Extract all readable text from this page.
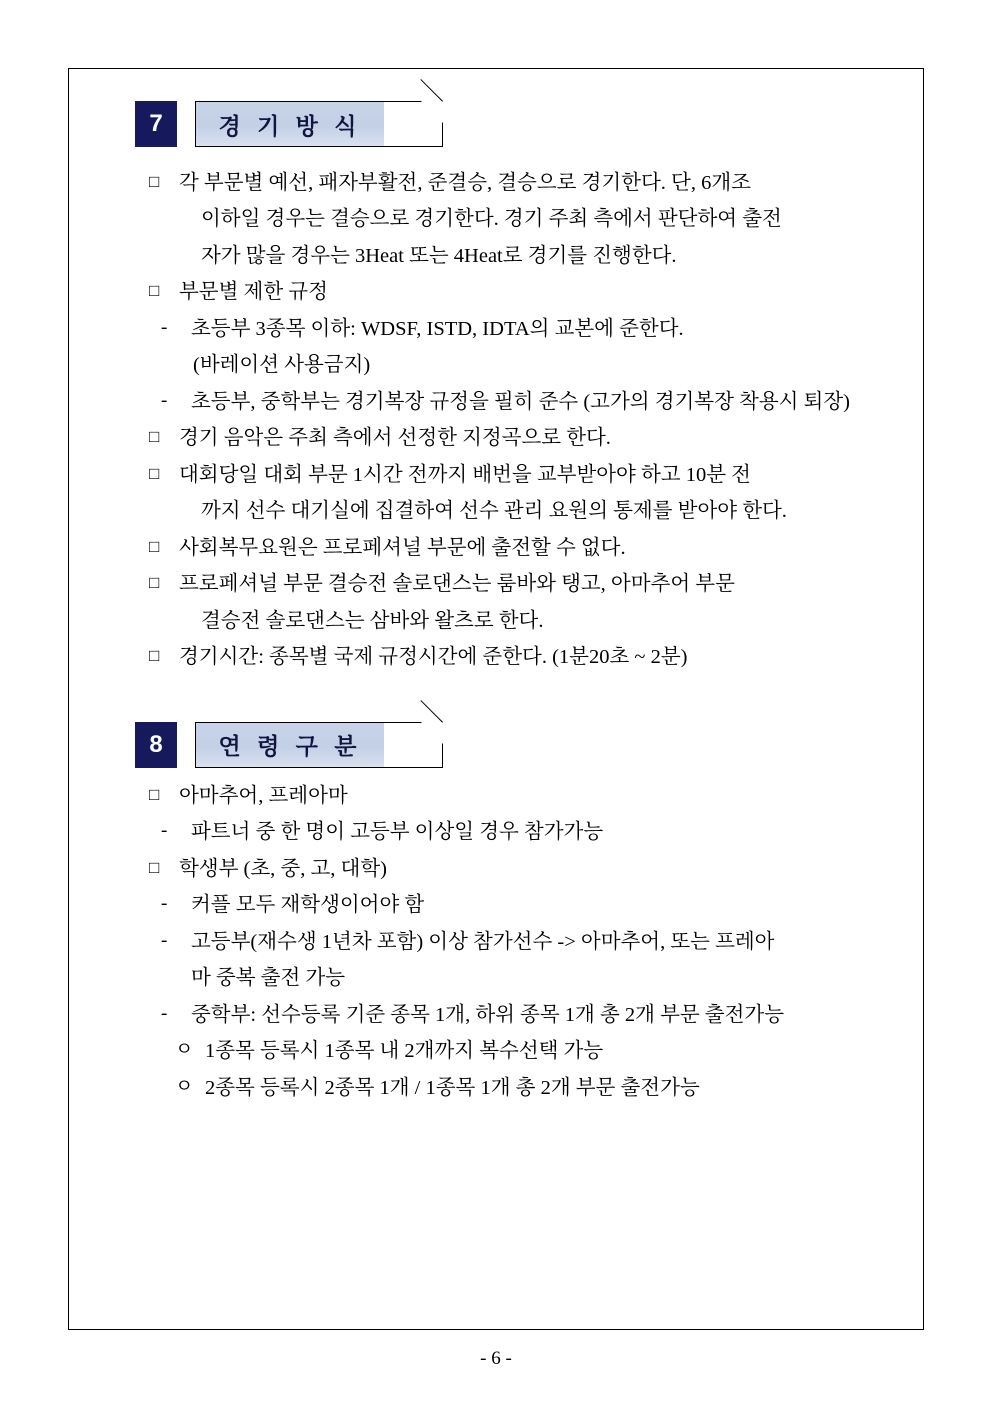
7	경 기 방 식
□ 각 부문별 예선, 패자부활전, 준결승, 결승으로 경기한다. 단, 6개조
이하일 경우는 결승으로 경기한다. 경기 주최 측에서 판단하여 출전
자가 많을 경우는 3Heat 또는 4Heat로 경기를 진행한다.
□ 부문별 제한 규정
-	초등부 3종목 이하: WDSF, ISTD, IDTA의 교본에 준한다.
(바레이션 사용금지)
-	초등부, 중학부는 경기복장 규정을 필히 준수 (고가의 경기복장 착용시 퇴장)
□ 경기 음악은 주최 측에서 선정한 지정곡으로 한다.
□ 대회당일 대회 부문 1시간 전까지 배번을 교부받아야 하고 10분 전
까지 선수 대기실에 집결하여 선수 관리 요원의 통제를 받아야 한다.
□ 사회복무요원은 프로페셔널 부문에 출전할 수 없다.
□ 프로페셔널 부문 결승전 솔로댄스는 룸바와 탱고, 아마추어 부문
결승전 솔로댄스는 삼바와 왈츠로 한다.
□ 경기시간: 종목별 국제 규정시간에 준한다. (1분20초 ~ 2분)
8	연 령 구 분
□ 아마추어, 프레아마
-	파트너 중 한 명이 고등부 이상일 경우 참가가능
□ 학생부 (초, 중, 고, 대학)
-	커플 모두 재학생이어야 함
-	고등부(재수생 1년차 포함) 이상 참가선수 -> 아마추어, 또는 프레아
마 중복 출전 가능
-	중학부: 선수등록 기준 종목 1개, 하위 종목 1개 총 2개 부문 출전가능
ㅇ 1종목 등록시 1종목 내 2개까지 복수선택 가능
ㅇ 2종목 등록시 2종목 1개 / 1종목 1개 총 2개 부문 출전가능
- 6 -
